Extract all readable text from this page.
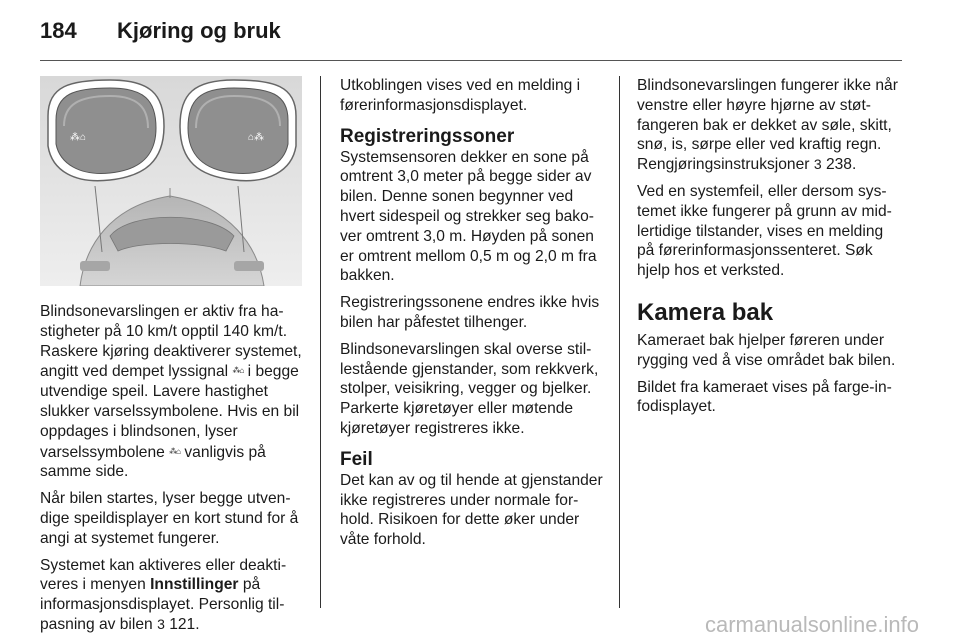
184 Kjøring og bruk
⁂⌂	⌂⁂

Blindsonevarslingen er aktiv fra hastigheter på 10 km/t opptil 140 km/t. Raskere kjøring deaktiverer systemet, angitt ved dempet lyssignal ⁂⌂ i begge utvendige speil. Lavere hastighet slukker varselssymbolene. Hvis en bil oppdages i blindsonen, lyser varselssymbolene ⁂⌂ vanligvis på samme side.

Når bilen startes, lyser begge utvendige speildisplayer en kort stund for å angi at systemet fungerer.

Systemet kan aktiveres eller deaktiveres i menyen Innstillinger på informasjonsdisplayet. Personlig tilpasning av bilen 3 121.

Utkoblingen vises ved en melding i førerinformasjonsdisplayet.

Registreringssoner

Systemsensoren dekker en sone på omtrent 3,0 meter på begge sider av bilen. Denne sonen begynner ved hvert sidespeil og strekker seg bakover omtrent 3,0 m. Høyden på sonen er omtrent mellom 0,5 m og 2,0 m fra bakken.

Registreringssonene endres ikke hvis bilen har påfestet tilhenger.

Blindsonevarslingen skal overse stillestående gjenstander, som rekkverk, stolper, veisikring, vegger og bjelker. Parkerte kjøretøyer eller møtende kjøretøyer registreres ikke.

Feil

Det kan av og til hende at gjenstander ikke registreres under normale forhold. Risikoen for dette øker under våte forhold.

Blindsonevarslingen fungerer ikke når venstre eller høyre hjørne av støtfangeren bak er dekket av søle, skitt, snø, is, sørpe eller ved kraftig regn. Rengjøringsinstruksjoner 3 238.

Ved en systemfeil, eller dersom systemet ikke fungerer på grunn av midlertidige tilstander, vises en melding på førerinformasjonssenteret. Søk hjelp hos et verksted.

Kamera bak

Kameraet bak hjelper føreren under rygging ved å vise området bak bilen.

Bildet fra kameraet vises på farge-infodisplayet.

carmanualsonline.info
